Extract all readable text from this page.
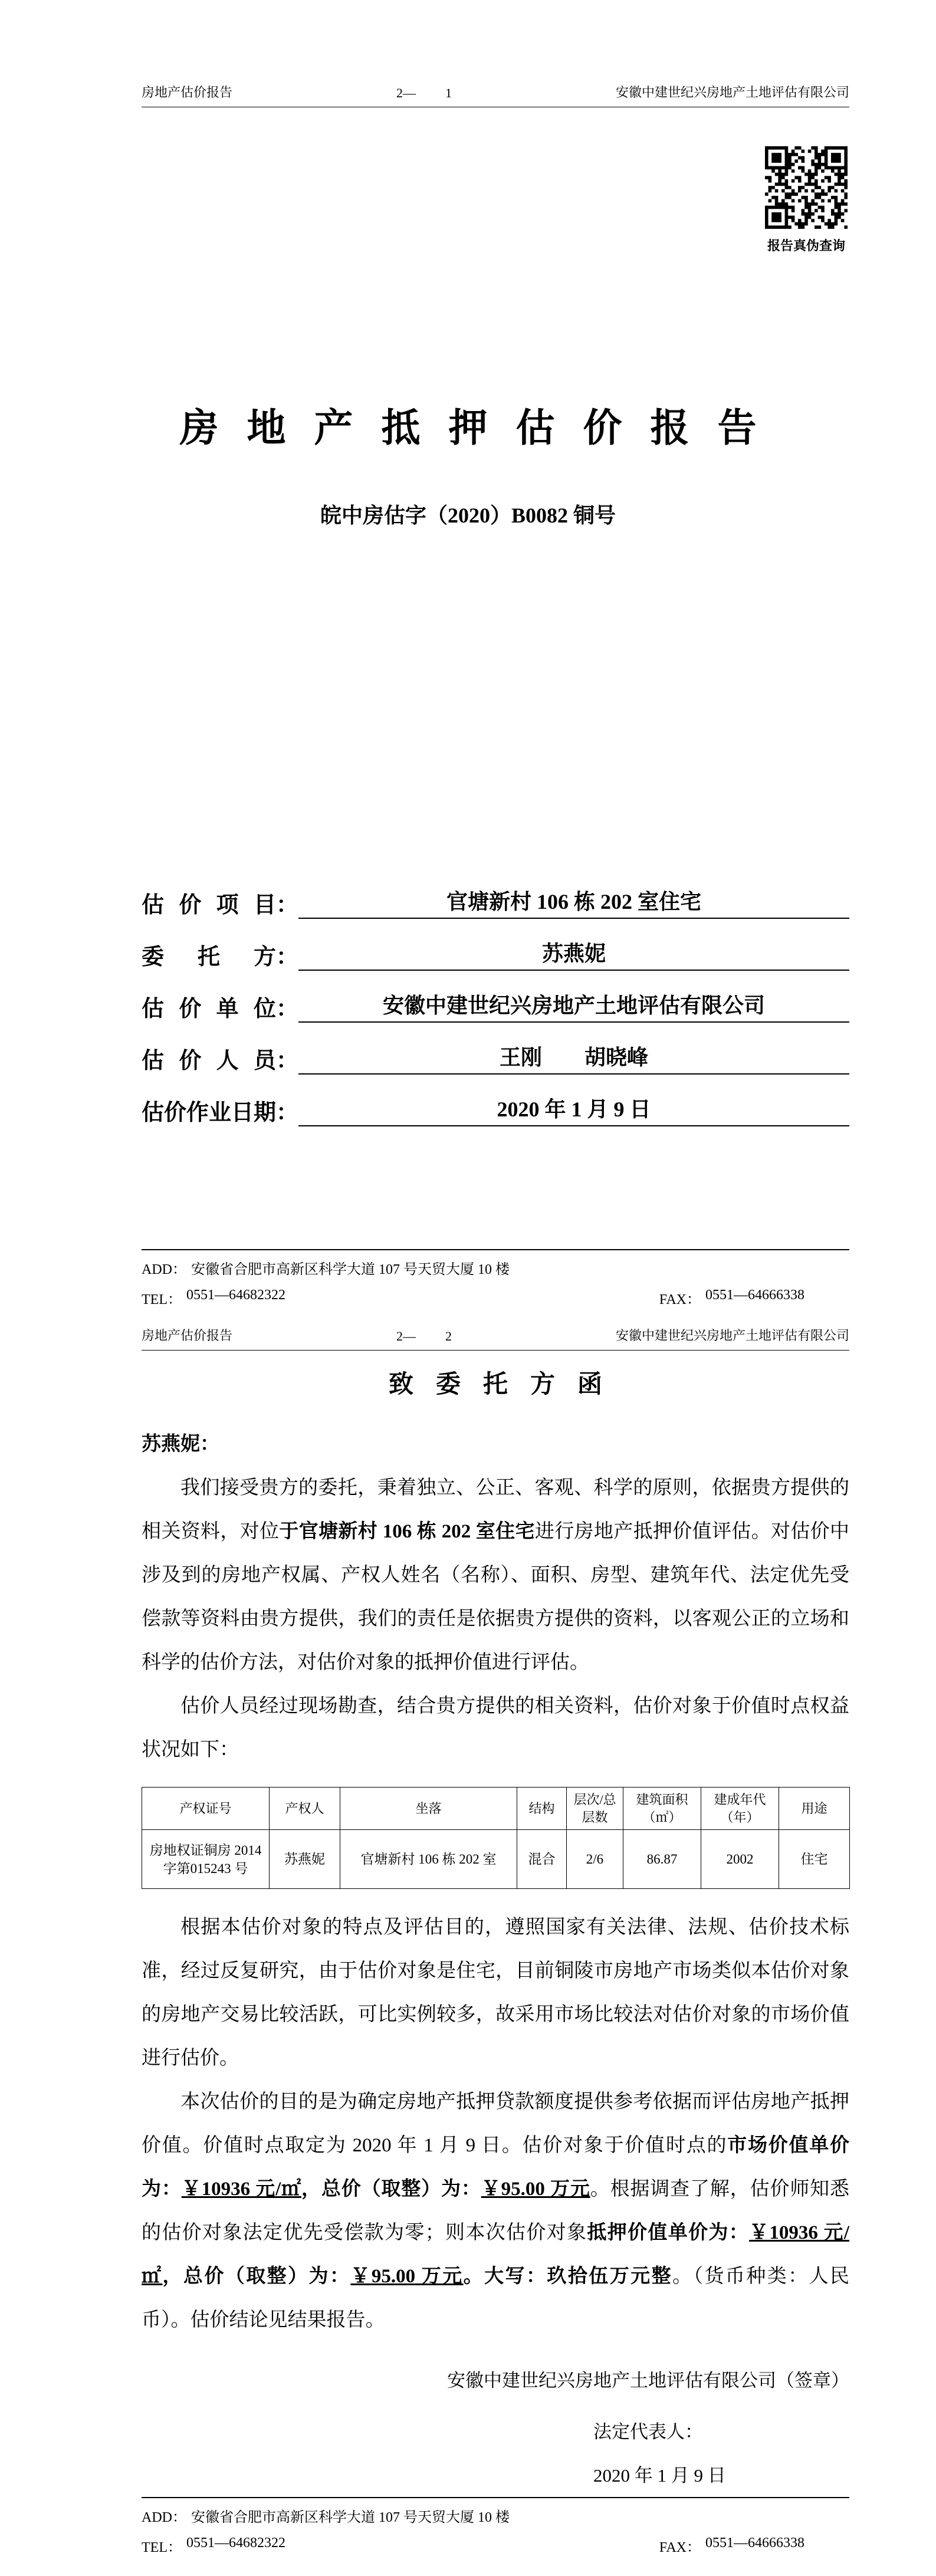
房地产估价报告	2— 1	安徽中建世纪兴房地产土地评估有限公司
报告真伪查询
房地产抵押估价报告
皖中房估字（2020）B0082 铜号
估价项目 ：	官塘新村 106 栋 202 室住宅
委托方 ：	苏燕妮
估价单位 ：	安徽中建世纪兴房地产土地评估有限公司
估价人员 ：	王刚　　胡晓峰
估价作业日期 ：	2020 年 1 月 9 日
ADD： 安徽省合肥市高新区科学大道 107 号天贸大厦 10 楼
TEL： 0551—64682322	FAX： 0551—64666338
房地产估价报告	2— 2	安徽中建世纪兴房地产土地评估有限公司
致委托方函
苏燕妮：

我们接受贵方的委托，秉着独立、公正、客观、科学的原则，依据贵方提供的相关资料，对位于官塘新村 106 栋 202 室住宅进行房地产抵押价值评估。对估价中涉及到的房地产权属、产权人姓名（名称）、面积、房型、建筑年代、法定优先受偿款等资料由贵方提供，我们的责任是依据贵方提供的资料，以客观公正的立场和科学的估价方法，对估价对象的抵押价值进行评估。

估价人员经过现场勘查，结合贵方提供的相关资料，估价对象于价值时点权益状况如下：

产权证号	产权人	坐落	结构	层次/总层数	建筑面积（㎡）	建成年代（年）	用途
房地权证铜房 2014 字第015243 号	苏燕妮	官塘新村 106 栋 202 室	混合	2/6	86.87	2002	住宅

根据本估价对象的特点及评估目的，遵照国家有关法律、法规、估价技术标准，经过反复研究，由于估价对象是住宅，目前铜陵市房地产市场类似本估价对象的房地产交易比较活跃，可比实例较多，故采用市场比较法对估价对象的市场价值进行估价。

本次估价的目的是为确定房地产抵押贷款额度提供参考依据而评估房地产抵押价值。价值时点取定为 2020 年 1 月 9 日。估价对象于价值时点的市场价值单价为：￥10936 元/㎡，总价（取整）为：￥95.00 万元。根据调查了解，估价师知悉的估价对象法定优先受偿款为零；则本次估价对象抵押价值单价为：￥10936 元/㎡，总价（取整）为：￥95.00 万元。大写：玖拾伍万元整。（货币种类：人民币）。估价结论见结果报告。

安徽中建世纪兴房地产土地评估有限公司（签章）
法定代表人：
2020 年 1 月 9 日
ADD： 安徽省合肥市高新区科学大道 107 号天贸大厦 10 楼
TEL： 0551—64682322	FAX： 0551—64666338
